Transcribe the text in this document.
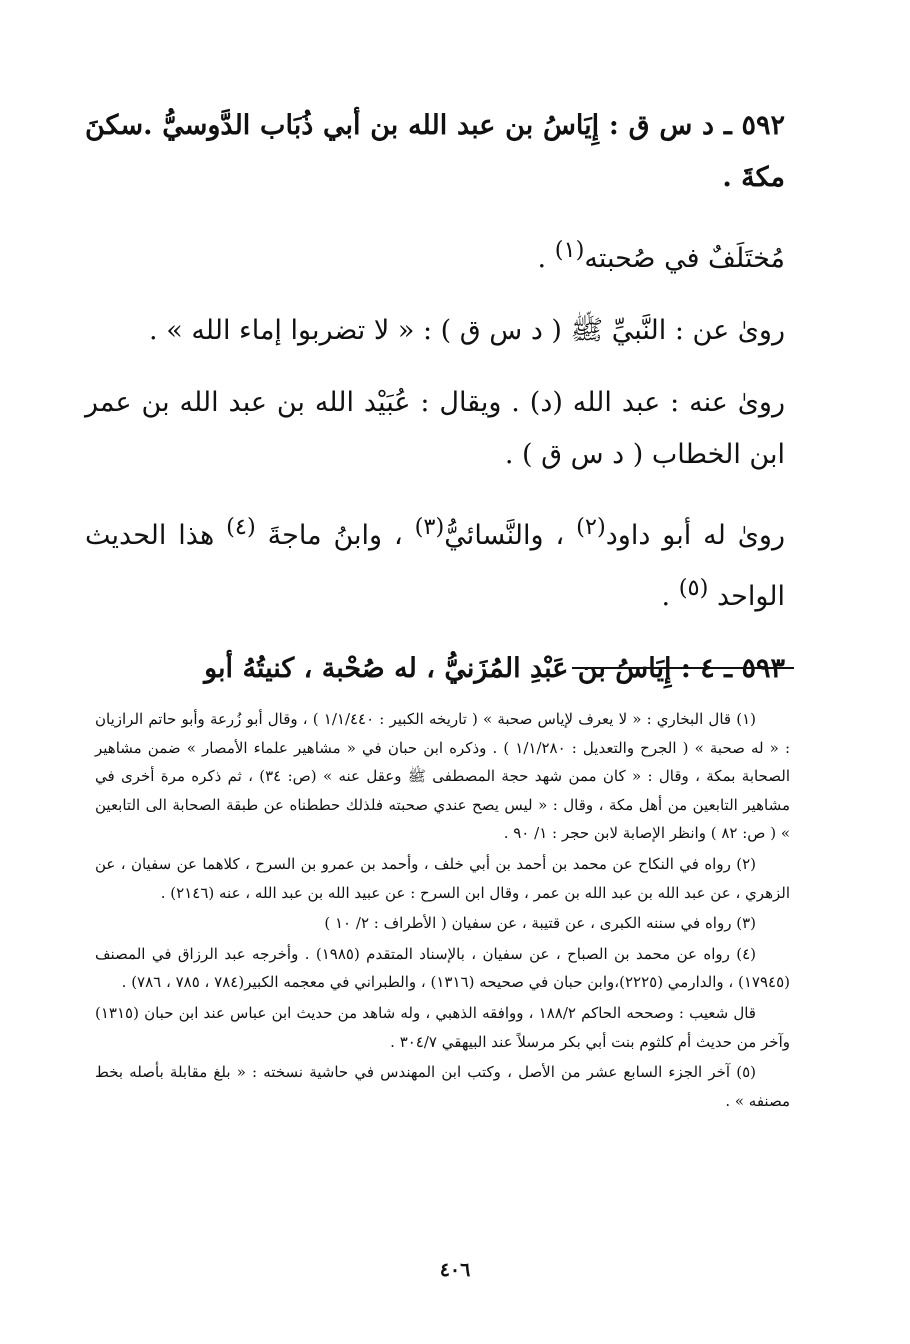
٥٩٢ ـ د س ق : إِيَاسُ بن عبد الله بن أبي ذُبَاب الدَّوسيُّ .سكنَ مكةَ .

مُختَلَفٌ في صُحبته$^{(١)}$ .

روىٰ عن : النَّبيِّ ﷺ ( د س ق ) : « لا تضربوا إماء الله » .

روىٰ عنه : عبد الله (د) . ويقال : عُبَيْد الله بن عبد الله بن عمر ابن الخطاب ( د س ق ) .

روىٰ له أبو داود$^{(٢)}$ ، والنَّسائيُّ$^{(٣)}$ ، وابنُ ماجةَ $^{(٤)}$ هذا الحديث الواحد $^{(٥)}$ .

٥٩٣ ـ ٤ : إِيَاسُ بن عَبْدِ المُزَنيُّ ، له صُحْبة ، كنيتُهُ أبو

(١) قال البخاري : « لا يعرف لإياس صحبة » ( تاريخه الكبير : ١/١/٤٤٠ ) ، وقال أبو زُرعة وأبو حاتم الرازيان : « له صحبة » ( الجرح والتعديل : ١/١/٢٨٠ ) . وذكره ابن حبان في « مشاهير علماء الأمصار » ضمن مشاهير الصحابة بمكة ، وقال : « كان ممن شهد حجة المصطفى ﷺ وعقل عنه » (ص: ٣٤) ، ثم ذكره مرة أخرى في مشاهير التابعين من أهل مكة ، وقال : « ليس يصح عندي صحبته فلذلك حططناه عن طبقة الصحابة الى التابعين » ( ص: ٨٢ ) وانظر الإصابة لابن حجر : ١/ ٩٠ .

(٢) رواه في النكاح عن محمد بن أحمد بن أبي خلف ، وأحمد بن عمرو بن السرح ، كلاهما عن سفيان ، عن الزهري ، عن عبد الله بن عبد الله بن عمر ، وقال ابن السرح : عن عبيد الله بن عبد الله ، عنه (٢١٤٦) .

(٣) رواه في سننه الكبرى ، عن قتيبة ، عن سفيان ( الأطراف : ٢/ ١٠ )

(٤) رواه عن محمد بن الصباح ، عن سفيان ، بالإسناد المتقدم (١٩٨٥) . وأخرجه عبد الرزاق في المصنف (١٧٩٤٥) ، والدارمي (٢٢٢٥)،وابن حبان في صحيحه (١٣١٦) ، والطبراني في معجمه الكبير(٧٨٤ ، ٧٨٥ ، ٧٨٦) .

قال شعيب : وصححه الحاكم ١٨٨/٢ ، ووافقه الذهبي ، وله شاهد من حديث ابن عباس عند ابن حبان (١٣١٥) وآخر من حديث أم كلثوم بنت أبي بكر مرسلاً عند البيهقي ٣٠٤/٧ .

(٥) آخر الجزء السابع عشر من الأصل ، وكتب ابن المهندس في حاشية نسخته : « بلغ مقابلة بأصله بخط مصنفه » .

٤٠٦
